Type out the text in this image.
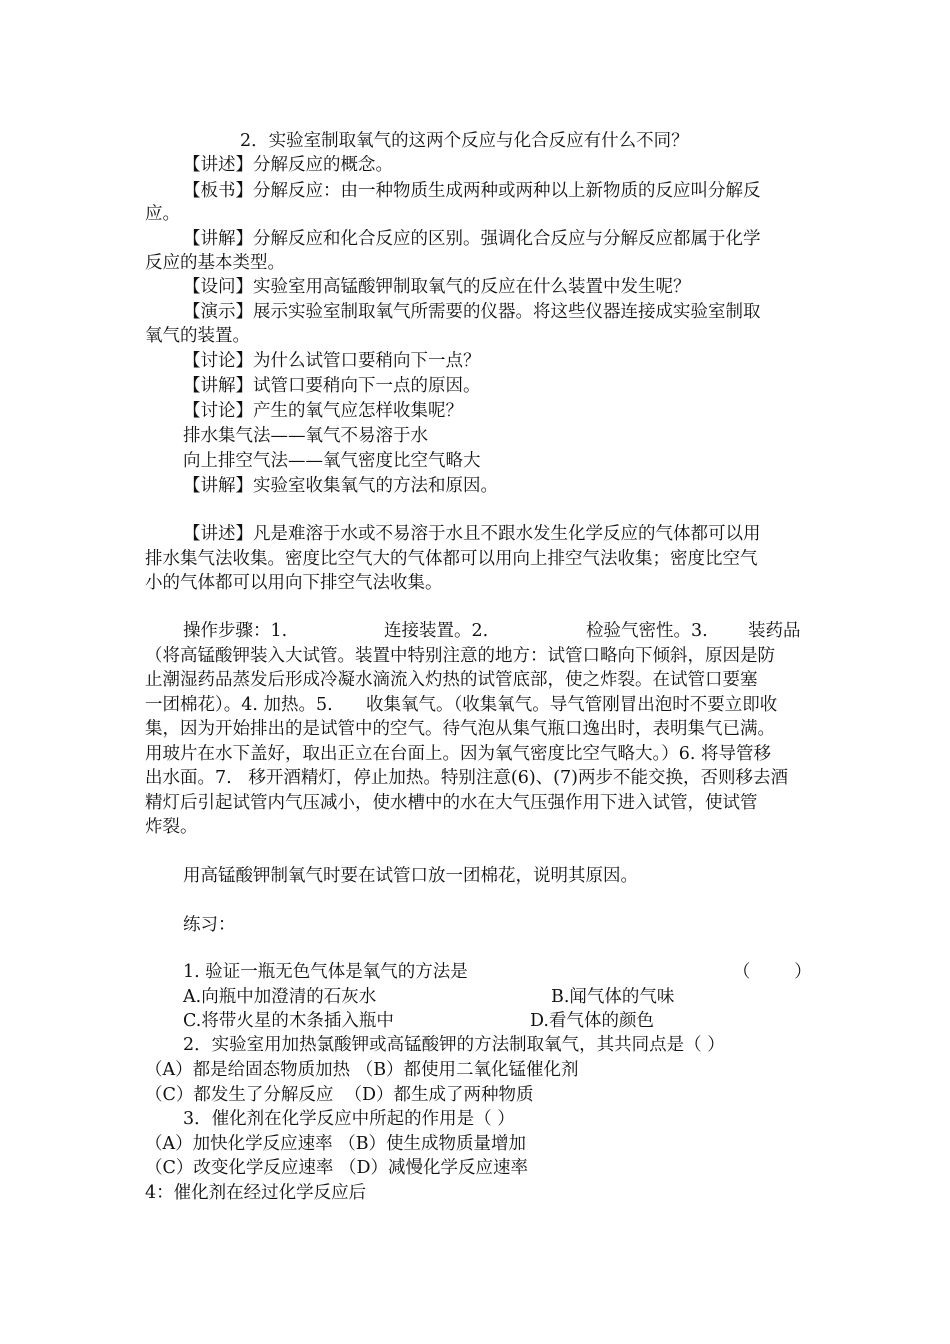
2．实验室制取氧气的这两个反应与化合反应有什么不同？
【讲述】分解反应的概念。
【板书】分解反应：由一种物质生成两种或两种以上新物质的反应叫分解反
应。
【讲解】分解反应和化合反应的区别。强调化合反应与分解反应都属于化学
反应的基本类型。
【设问】实验室用高锰酸钾制取氧气的反应在什么装置中发生呢？
【演示】展示实验室制取氧气所需要的仪器。将这些仪器连接成实验室制取
氧气的装置。
【讨论】为什么试管口要稍向下一点？
【讲解】试管口要稍向下一点的原因。
【讨论】产生的氧气应怎样收集呢？
排水集气法——氧气不易溶于水
向上排空气法——氧气密度比空气略大
【讲解】实验室收集氧气的方法和原因。
【讲述】凡是难溶于水或不易溶于水且不跟水发生化学反应的气体都可以用
排水集气法收集。密度比空气大的气体都可以用向上排空气法收集；密度比空气
小的气体都可以用向下排空气法收集。
操作步骤：1.	连接装置。2.	检验气密性。3. 装药品
（将高锰酸钾装入大试管。装置中特别注意的地方：试管口略向下倾斜，原因是防
止潮湿药品蒸发后形成冷凝水滴流入灼热的试管底部，使之炸裂。在试管口要塞
一团棉花）。4. 加热。5. 收集氧气。（收集氧气。导气管刚冒出泡时不要立即收
集，因为开始排出的是试管中的空气。待气泡从集气瓶口逸出时，表明集气已满。
用玻片在水下盖好，取出正立在台面上。因为氧气密度比空气略大。）6. 将导管移
出水面。7.   移开酒精灯，停止加热。特别注意(6)、(7)两步不能交换，否则移去酒
精灯后引起试管内气压减小，使水槽中的水在大气压强作用下进入试管，使试管
炸裂。
用高锰酸钾制氧气时要在试管口放一团棉花，说明其原因。
练习：
1. 验证一瓶无色气体是氧气的方法是	（        ）
A.向瓶中加澄清的石灰水	B.闻气体的气味
C.将带火星的木条插入瓶中	D.看气体的颜色
2．实验室用加热氯酸钾或高锰酸钾的方法制取氧气，其共同点是（ ）
（A）都是给固态物质加热 （B）都使用二氧化锰催化剂
（C）都发生了分解反应  （D）都生成了两种物质
3．催化剂在化学反应中所起的作用是（ ）
（A）加快化学反应速率 （B）使生成物质量增加
（C）改变化学反应速率 （D）减慢化学反应速率
4：催化剂在经过化学反应后
